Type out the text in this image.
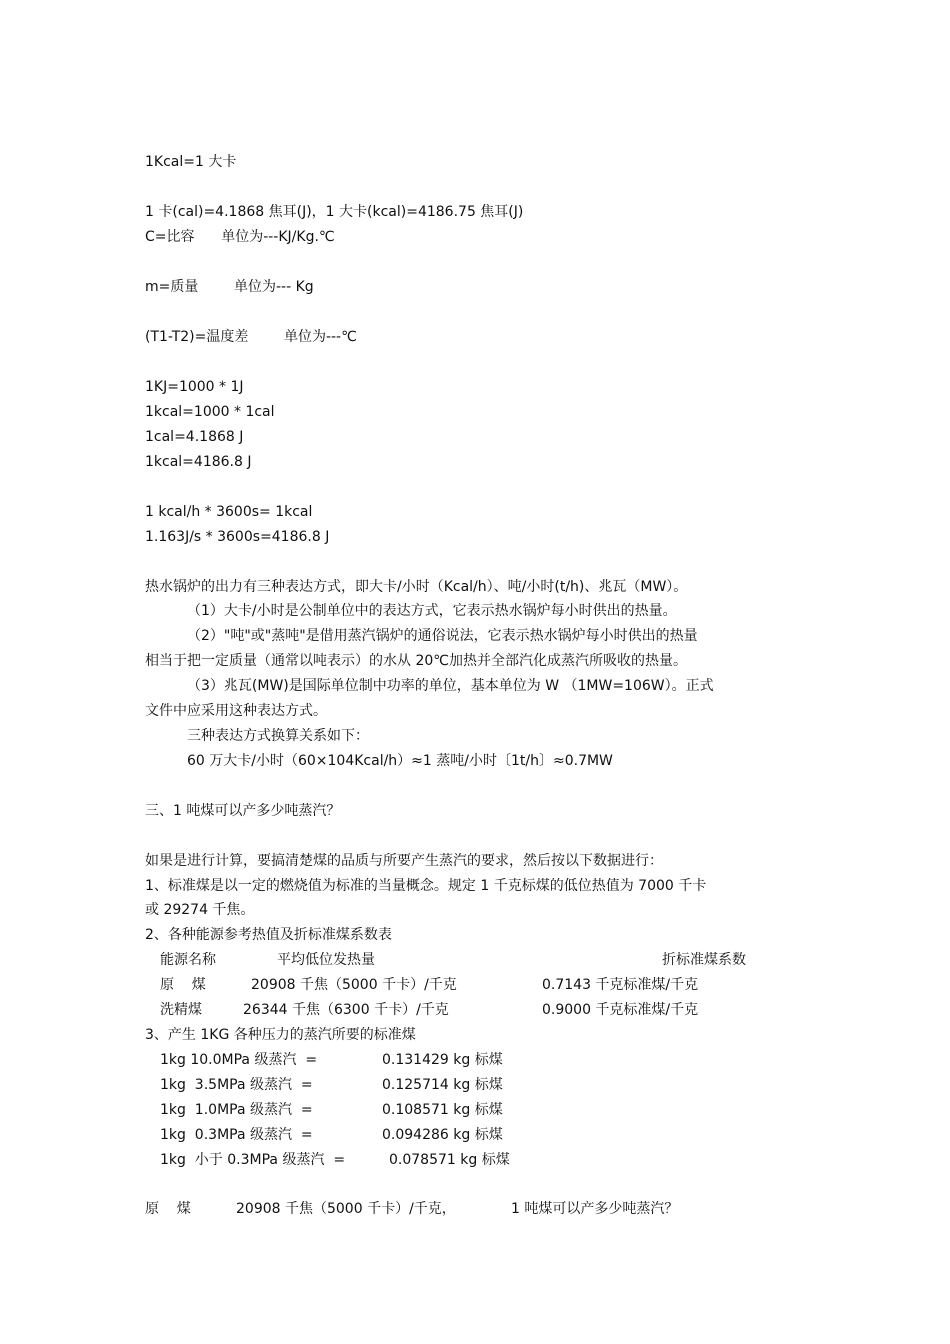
1Kcal=1 大卡
1 卡(cal)=4.1868 焦耳(J)，1 大卡(kcal)=4186.75 焦耳(J)
C=比容      单位为---KJ/Kg.℃
m=质量        单位为--- Kg
(T1-T2)=温度差        单位为---℃
1KJ=1000 * 1J
1kcal=1000 * 1cal
1cal=4.1868 J
1kcal=4186.8 J
1 kcal/h * 3600s= 1kcal
1.163J/s * 3600s=4186.8 J
热水锅炉的出力有三种表达方式，即大卡/小时（Kcal/h）、吨/小时(t/h)、兆瓦（MW）。
（1）大卡/小时是公制单位中的表达方式，它表示热水锅炉每小时供出的热量。
（2）"吨"或"蒸吨"是借用蒸汽锅炉的通俗说法，它表示热水锅炉每小时供出的热量
相当于把一定质量（通常以吨表示）的水从 20℃加热并全部汽化成蒸汽所吸收的热量。
（3）兆瓦(MW)是国际单位制中功率的单位，基本单位为 W （1MW=106W）。正式
文件中应采用这种表达方式。
三种表达方式换算关系如下：
60 万大卡/小时（60×104Kcal/h）≈1 蒸吨/小时〔1t/h〕≈0.7MW
三、1 吨煤可以产多少吨蒸汽？
如果是进行计算，要搞清楚煤的品质与所要产生蒸汽的要求，然后按以下数据进行：
1、标准煤是以一定的燃烧值为标准的当量概念。规定 1 千克标煤的低位热值为 7000 千卡
或 29274 千焦。
2、各种能源参考热值及折标准煤系数表
能源名称	平均低位发热量	折标准煤系数
原    煤	20908 千焦（5000 千卡）/千克	0.7143 千克标准煤/千克
洗精煤	26344 千焦（6300 千卡）/千克	0.9000 千克标准煤/千克
3、产生 1KG 各种压力的蒸汽所要的标准煤
1kg 10.0MPa 级蒸汽  =	0.131429 kg 标煤
1kg  3.5MPa 级蒸汽  =	0.125714 kg 标煤
1kg  1.0MPa 级蒸汽  =	0.108571 kg 标煤
1kg  0.3MPa 级蒸汽  =	0.094286 kg 标煤
1kg  小于 0.3MPa 级蒸汽  =	0.078571 kg 标煤
原    煤	20908 千焦（5000 千卡）/千克，	1 吨煤可以产多少吨蒸汽？
